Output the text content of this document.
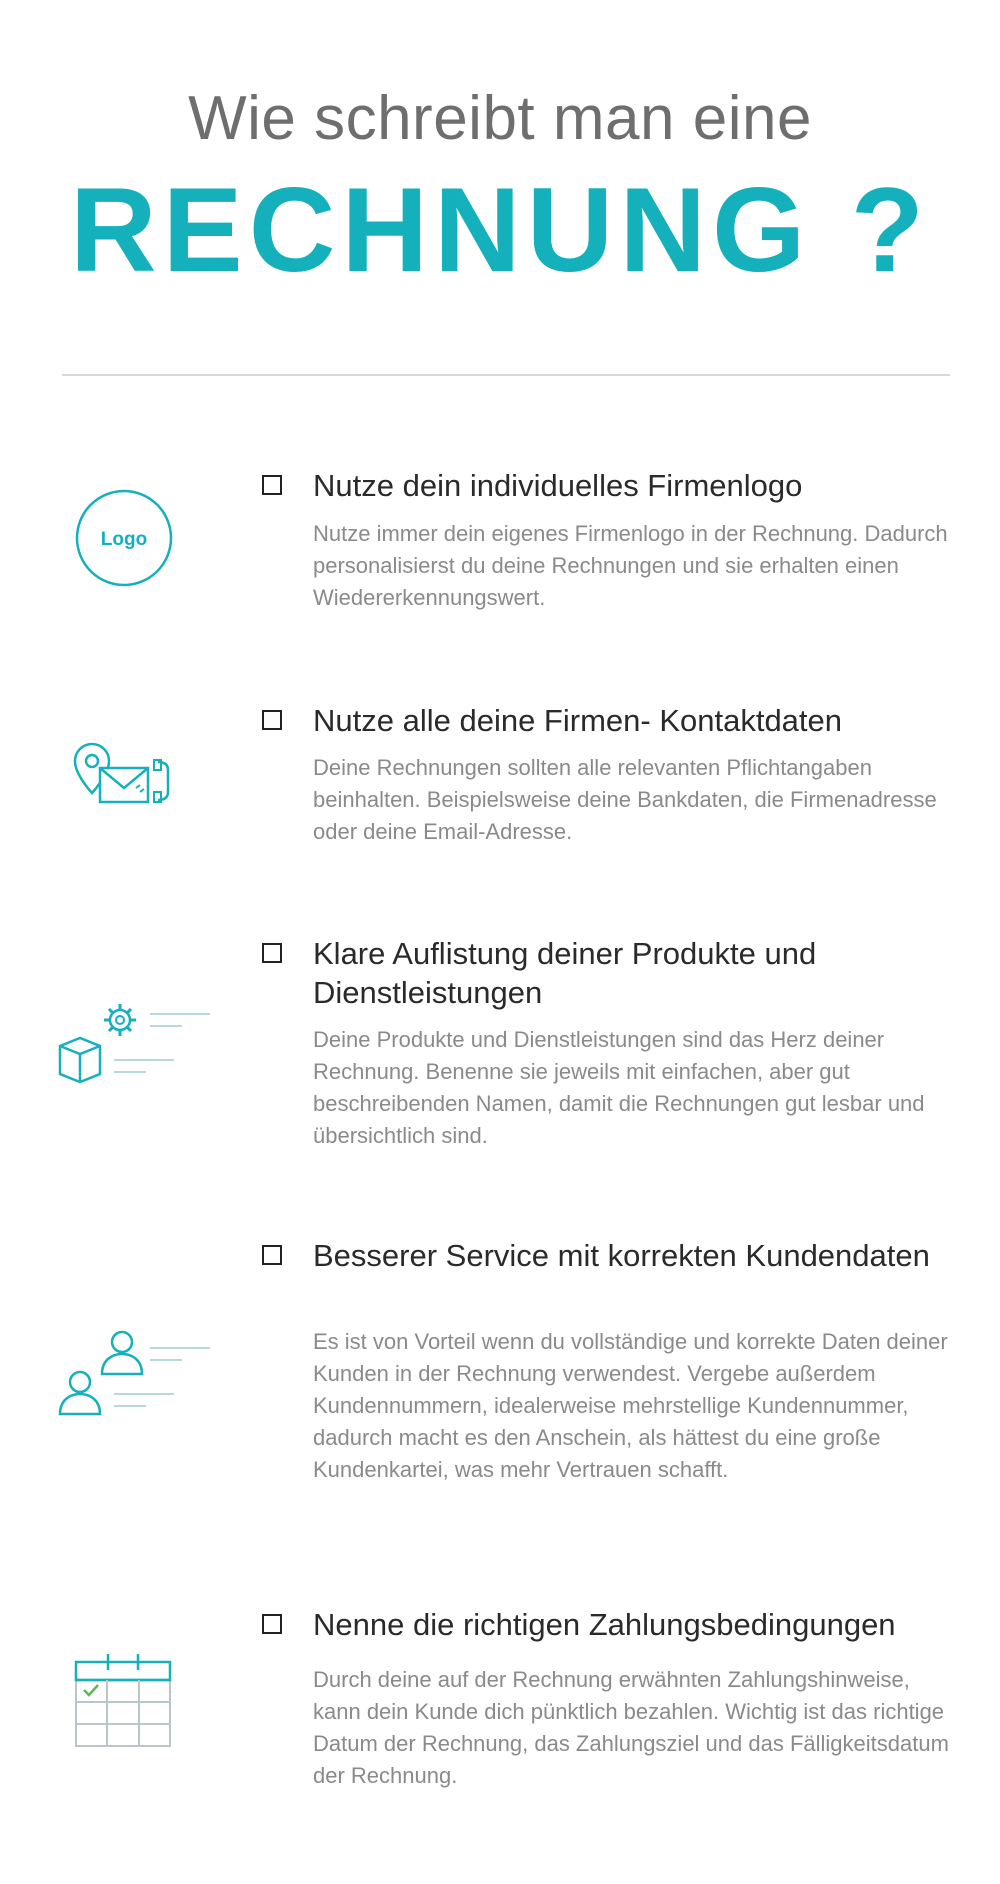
Wie schreibt man eine
RECHNUNG ?
Logo
Nutze dein individuelles Firmenlogo
Nutze immer dein eigenes Firmenlogo in der Rechnung. Dadurch personalisierst du deine Rechnungen und sie erhalten einen Wiedererkennungswert.
Nutze alle deine Firmen- Kontaktdaten
Deine Rechnungen sollten alle relevanten Pflichtangaben beinhalten. Beispielsweise deine Bankdaten, die Firmenadresse oder deine Email-Adresse.
Klare Auflistung deiner Produkte und Dienstleistungen
Deine Produkte und Dienstleistungen sind das Herz deiner Rechnung. Benenne sie jeweils mit einfachen, aber gut beschreibenden Namen, damit die Rechnungen gut lesbar und übersichtlich sind.
Besserer Service mit korrekten Kundendaten
Es ist von Vorteil wenn du vollständige und korrekte Daten deiner Kunden in der Rechnung verwendest. Vergebe außerdem Kundennummern, idealerweise mehrstellige Kundennummer, dadurch macht es den Anschein, als hättest du eine große Kundenkartei, was mehr Vertrauen schafft.
Nenne die richtigen Zahlungsbedingungen
Durch deine auf der Rechnung erwähnten Zahlungshinweise, kann dein Kunde dich pünktlich bezahlen. Wichtig ist das richtige Datum der Rechnung, das Zahlungsziel und das Fälligkeitsdatum der Rechnung.
